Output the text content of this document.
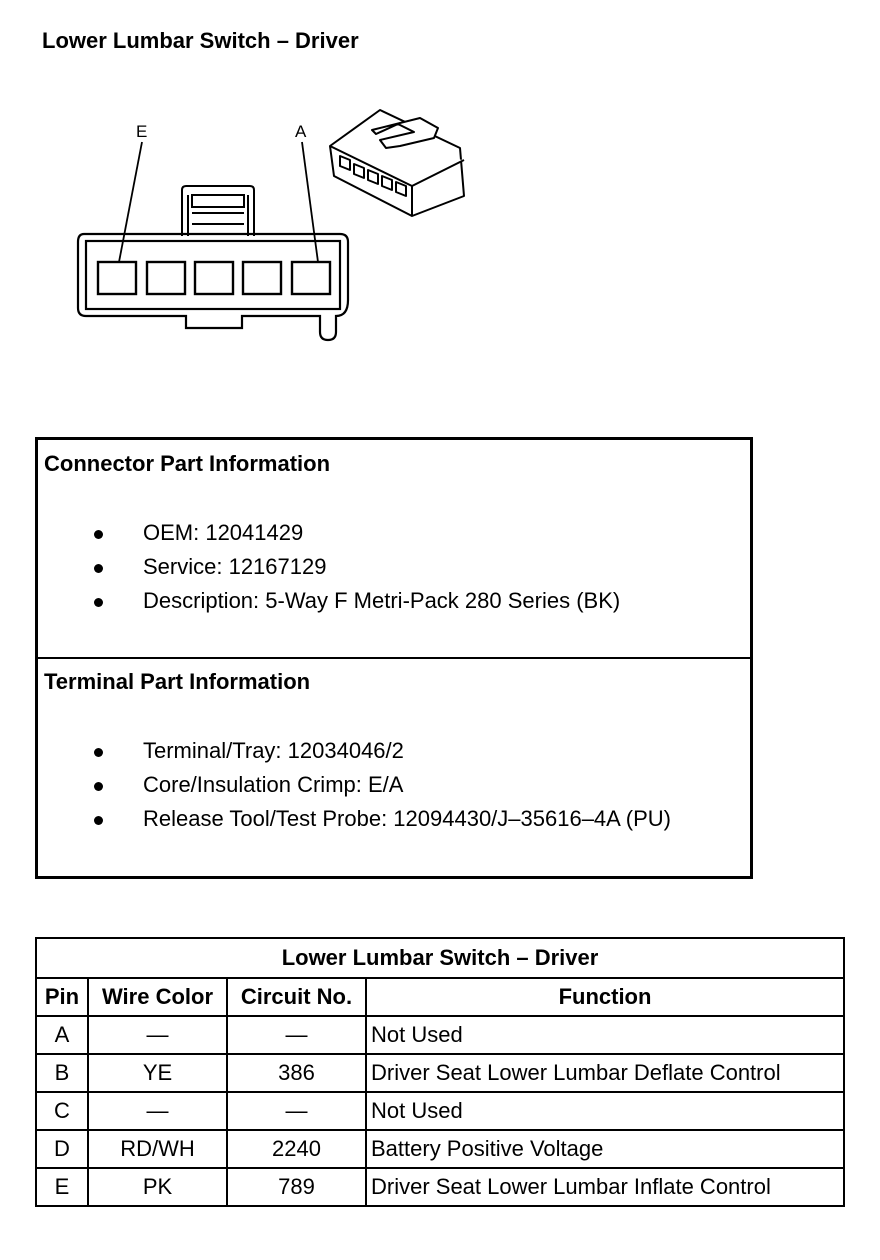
Lower Lumbar Switch – Driver
E	A
Connector Part Information
OEM: 12041429
Service: 12167129
Description: 5-Way F Metri-Pack 280 Series (BK)
Terminal Part Information
Terminal/Tray: 12034046/2
Core/Insulation Crimp: E/A
Release Tool/Test Probe: 12094430/J–35616–4A (PU)
Lower Lumbar Switch – Driver			
Pin	Wire Color	Circuit No.	Function
A	—	—	Not Used
B	YE	386	Driver Seat Lower Lumbar Deflate Control
C	—	—	Not Used
D	RD/WH	2240	Battery Positive Voltage
E	PK	789	Driver Seat Lower Lumbar Inflate Control
